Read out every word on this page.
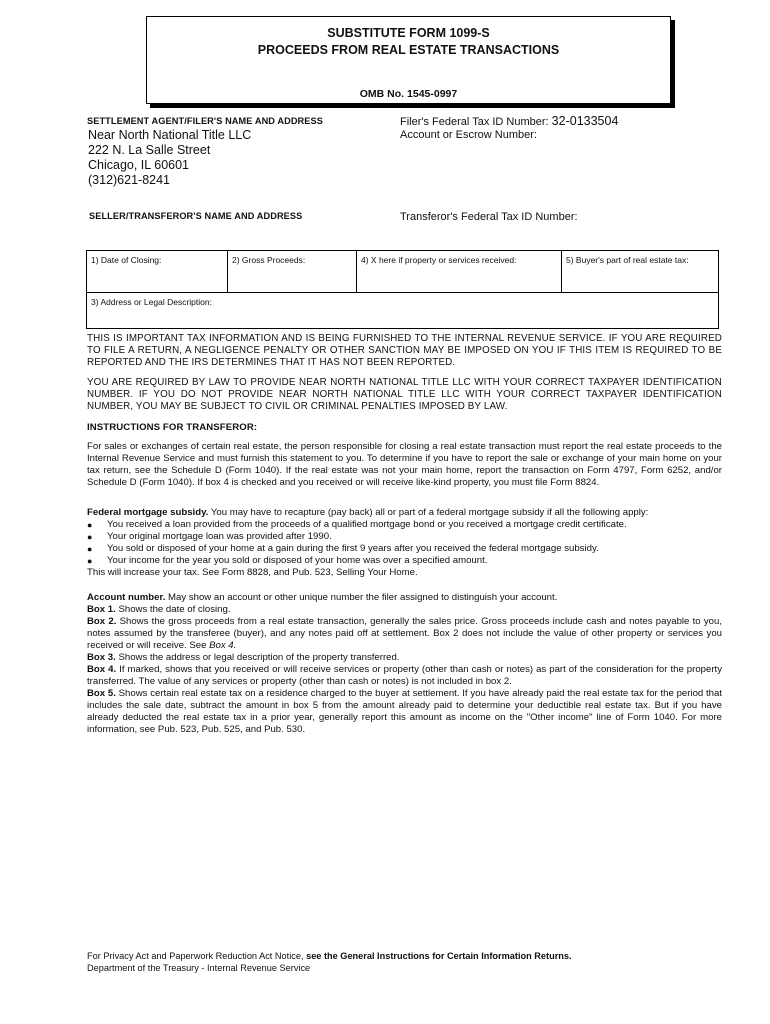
SUBSTITUTE FORM 1099-S
PROCEEDS FROM REAL ESTATE TRANSACTIONS
OMB No. 1545-0997
SETTLEMENT AGENT/FILER'S NAME AND ADDRESS
Near North National Title LLC
222 N. La Salle Street
Chicago, IL 60601
(312)621-8241
Filer's Federal Tax ID Number: 32-0133504
Account or Escrow Number:
SELLER/TRANSFEROR'S NAME AND ADDRESS	Transferor's Federal Tax ID Number:
1) Date of Closing:	2) Gross Proceeds:	4) X here if property or services received:	5) Buyer's part of real estate tax:
3) Address or Legal Description:
THIS IS IMPORTANT TAX INFORMATION AND IS BEING FURNISHED TO THE INTERNAL REVENUE SERVICE. IF YOU ARE REQUIRED TO FILE A RETURN, A NEGLIGENCE PENALTY OR OTHER SANCTION MAY BE IMPOSED ON YOU IF THIS ITEM IS REQUIRED TO BE REPORTED AND THE IRS DETERMINES THAT IT HAS NOT BEEN REPORTED.
YOU ARE REQUIRED BY LAW TO PROVIDE NEAR NORTH NATIONAL TITLE LLC WITH YOUR CORRECT TAXPAYER IDENTIFICATION NUMBER. IF YOU DO NOT PROVIDE NEAR NORTH NATIONAL TITLE LLC WITH YOUR CORRECT TAXPAYER IDENTIFICATION NUMBER, YOU MAY BE SUBJECT TO CIVIL OR CRIMINAL PENALTIES IMPOSED BY LAW.
INSTRUCTIONS FOR TRANSFEROR:
For sales or exchanges of certain real estate, the person responsible for closing a real estate transaction must report the real estate proceeds to the Internal Revenue Service and must furnish this statement to you. To determine if you have to report the sale or exchange of your main home on your tax return, see the Schedule D (Form 1040). If the real estate was not your main home, report the transaction on Form 4797, Form 6252, and/or Schedule D (Form 1040). If box 4 is checked and you received or will receive like-kind property, you must file Form 8824.
Federal mortgage subsidy. You may have to recapture (pay back) all or part of a federal mortgage subsidy if all the following apply:
● You received a loan provided from the proceeds of a qualified mortgage bond or you received a mortgage credit certificate.
● Your original mortgage loan was provided after 1990.
● You sold or disposed of your home at a gain during the first 9 years after you received the federal mortgage subsidy.
● Your income for the year you sold or disposed of your home was over a specified amount.
This will increase your tax. See Form 8828, and Pub. 523, Selling Your Home.
Account number. May show an account or other unique number the filer assigned to distinguish your account.
Box 1. Shows the date of closing.
Box 2. Shows the gross proceeds from a real estate transaction, generally the sales price. Gross proceeds include cash and notes payable to you, notes assumed by the transferee (buyer), and any notes paid off at settlement. Box 2 does not include the value of other property or services you received or will receive. See Box 4.
Box 3. Shows the address or legal description of the property transferred.
Box 4. If marked, shows that you received or will receive services or property (other than cash or notes) as part of the consideration for the property transferred. The value of any services or property (other than cash or notes) is not included in box 2.
Box 5. Shows certain real estate tax on a residence charged to the buyer at settlement. If you have already paid the real estate tax for the period that includes the sale date, subtract the amount in box 5 from the amount already paid to determine your deductible real estate tax. But if you have already deducted the real estate tax in a prior year, generally report this amount as income on the "Other income" line of Form 1040. For more information, see Pub. 523, Pub. 525, and Pub. 530.
For Privacy Act and Paperwork Reduction Act Notice, see the General Instructions for Certain Information Returns.
Department of the Treasury - Internal Revenue Service
